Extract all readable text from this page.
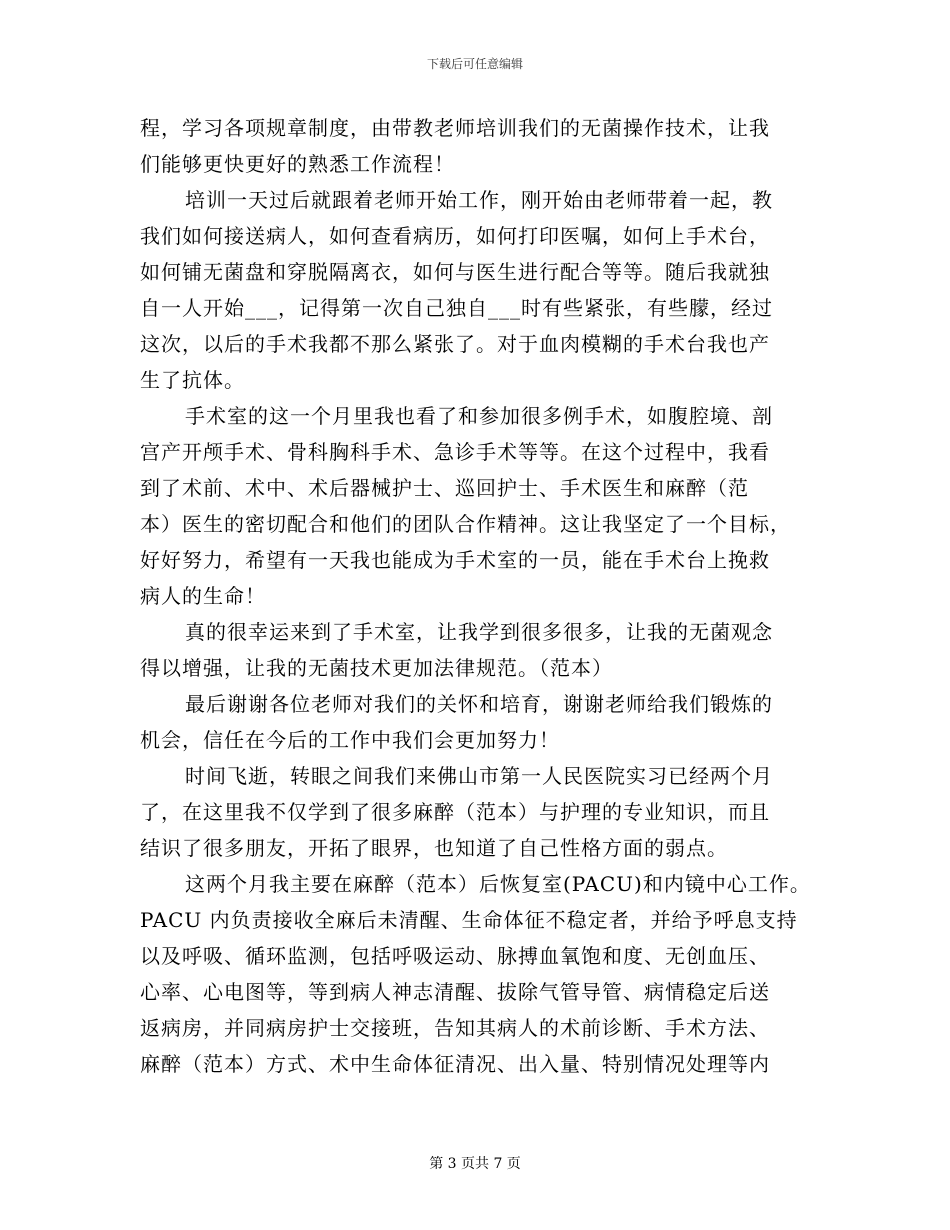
下载后可任意编辑
程，学习各项规章制度，由带教老师培训我们的无菌操作技术，让我
们能够更快更好的熟悉工作流程！
培训一天过后就跟着老师开始工作，刚开始由老师带着一起，教
我们如何接送病人，如何查看病历，如何打印医嘱，如何上手术台，
如何铺无菌盘和穿脱隔离衣，如何与医生进行配合等等。随后我就独
自一人开始___，记得第一次自己独自___时有些紧张，有些朦，经过
这次，以后的手术我都不那么紧张了。对于血肉模糊的手术台我也产
生了抗体。
手术室的这一个月里我也看了和参加很多例手术，如腹腔境、剖
宫产开颅手术、骨科胸科手术、急诊手术等等。在这个过程中，我看
到了术前、术中、术后器械护士、巡回护士、手术医生和麻醉（范
本）医生的密切配合和他们的团队合作精神。这让我坚定了一个目标，
好好努力，希望有一天我也能成为手术室的一员，能在手术台上挽救
病人的生命！
真的很幸运来到了手术室，让我学到很多很多，让我的无菌观念
得以增强，让我的无菌技术更加法律规范。（范本）
最后谢谢各位老师对我们的关怀和培育，谢谢老师给我们锻炼的
机会，信任在今后的工作中我们会更加努力！
时间飞逝，转眼之间我们来佛山市第一人民医院实习已经两个月
了，在这里我不仅学到了很多麻醉（范本）与护理的专业知识，而且
结识了很多朋友，开拓了眼界，也知道了自己性格方面的弱点。
这两个月我主要在麻醉（范本）后恢复室(PACU)和内镜中心工作。
PACU 内负责接收全麻后未清醒、生命体征不稳定者，并给予呼息支持
以及呼吸、循环监测，包括呼吸运动、脉搏血氧饱和度、无创血压、
心率、心电图等，等到病人神志清醒、拔除气管导管、病情稳定后送
返病房，并同病房护士交接班，告知其病人的术前诊断、手术方法、
麻醉（范本）方式、术中生命体征清况、出入量、特别情况处理等内
第 3 页共 7 页
